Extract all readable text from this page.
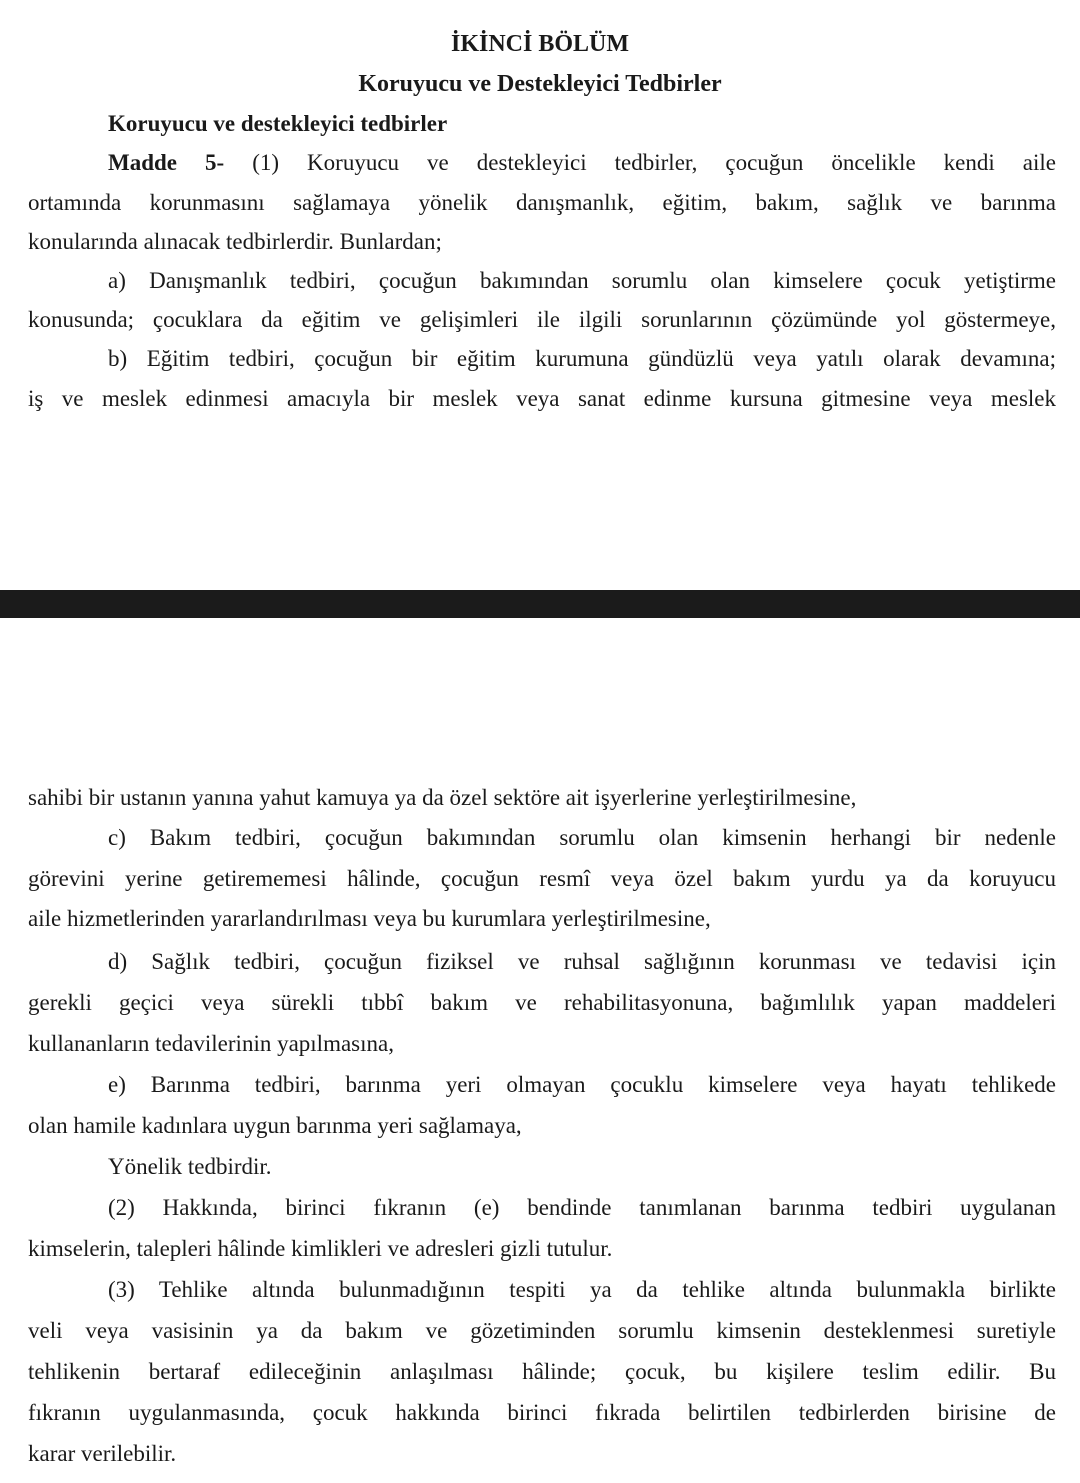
İKİNCİ BÖLÜM
Koruyucu ve Destekleyici Tedbirler
Koruyucu ve destekleyici tedbirler
Madde 5- (1) Koruyucu ve destekleyici tedbirler, çocuğun öncelikle kendi aile
ortamında korunmasını sağlamaya yönelik danışmanlık, eğitim, bakım, sağlık ve barınma
konularında alınacak tedbirlerdir. Bunlardan;
a) Danışmanlık tedbiri, çocuğun bakımından sorumlu olan kimselere çocuk yetiştirme
konusunda; çocuklara da eğitim ve gelişimleri ile ilgili sorunlarının çözümünde yol göstermeye,
b) Eğitim tedbiri, çocuğun bir eğitim kurumuna gündüzlü veya yatılı olarak devamına;
iş ve meslek edinmesi amacıyla bir meslek veya sanat edinme kursuna gitmesine veya meslek
sahibi bir ustanın yanına yahut kamuya ya da özel sektöre ait işyerlerine yerleştirilmesine,
c) Bakım tedbiri, çocuğun bakımından sorumlu olan kimsenin herhangi bir nedenle
görevini yerine getirememesi hâlinde, çocuğun resmî veya özel bakım yurdu ya da koruyucu
aile hizmetlerinden yararlandırılması veya bu kurumlara yerleştirilmesine,
d) Sağlık tedbiri, çocuğun fiziksel ve ruhsal sağlığının korunması ve tedavisi için
gerekli geçici veya sürekli tıbbî bakım ve rehabilitasyonuna, bağımlılık yapan maddeleri
kullananların tedavilerinin yapılmasına,
e) Barınma tedbiri, barınma yeri olmayan çocuklu kimselere veya hayatı tehlikede
olan hamile kadınlara uygun barınma yeri sağlamaya,
Yönelik tedbirdir.
(2) Hakkında, birinci fıkranın (e) bendinde tanımlanan barınma tedbiri uygulanan
kimselerin, talepleri hâlinde kimlikleri ve adresleri gizli tutulur.
(3) Tehlike altında bulunmadığının tespiti ya da tehlike altında bulunmakla birlikte
veli veya vasisinin ya da bakım ve gözetiminden sorumlu kimsenin desteklenmesi suretiyle
tehlikenin bertaraf edileceğinin anlaşılması hâlinde; çocuk, bu kişilere teslim edilir. Bu
fıkranın uygulanmasında, çocuk hakkında birinci fıkrada belirtilen tedbirlerden birisine de
karar verilebilir.
